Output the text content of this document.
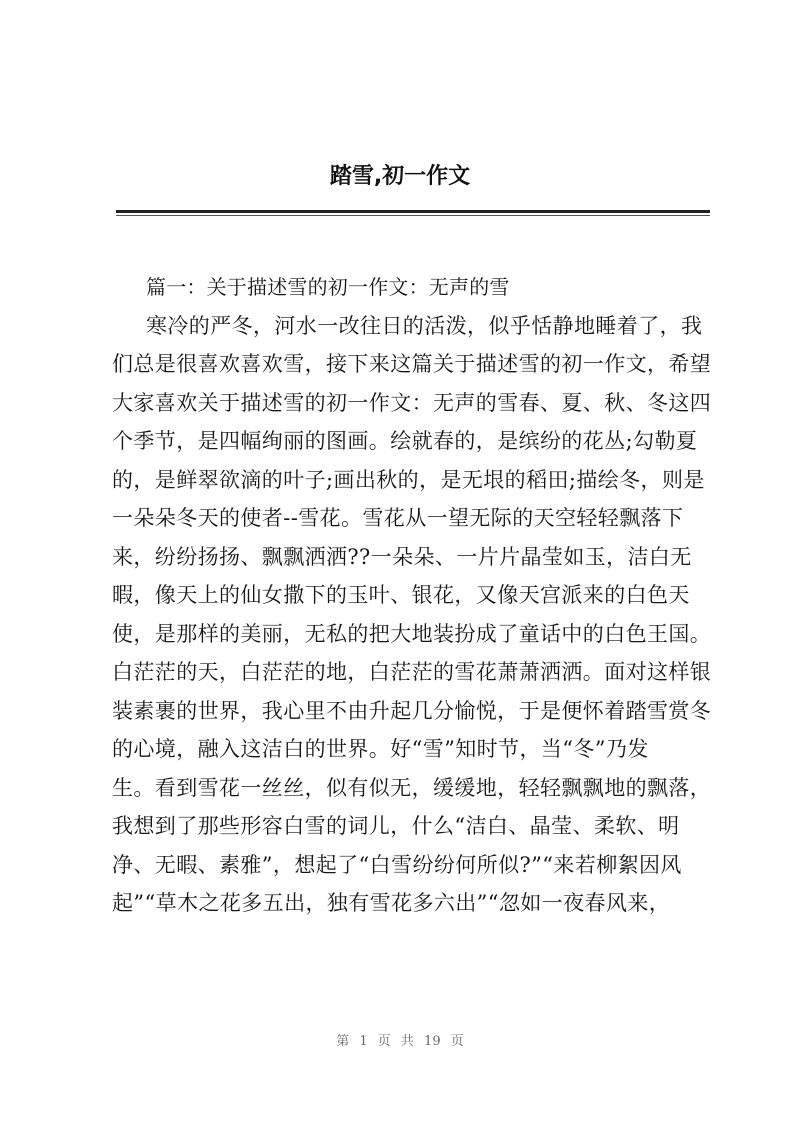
踏雪,初一作文
篇一：关于描述雪的初一作文：无声的雪
寒冷的严冬，河水一改往日的活泼，似乎恬静地睡着了，我
们总是很喜欢喜欢雪，接下来这篇关于描述雪的初一作文，希望
大家喜欢关于描述雪的初一作文：无声的雪春、夏、秋、冬这四
个季节，是四幅绚丽的图画。绘就春的，是缤纷的花丛;勾勒夏
的，是鲜翠欲滴的叶子;画出秋的，是无垠的稻田;描绘冬，则是
一朵朵冬天的使者--雪花。雪花从一望无际的天空轻轻飘落下
来，纷纷扬扬、飘飘洒洒??一朵朵、一片片晶莹如玉，洁白无
暇，像天上的仙女撒下的玉叶、银花，又像天宫派来的白色天
使，是那样的美丽，无私的把大地装扮成了童话中的白色王国。
白茫茫的天，白茫茫的地，白茫茫的雪花萧萧洒洒。面对这样银
装素裹的世界，我心里不由升起几分愉悦，于是便怀着踏雪赏冬
的心境，融入这洁白的世界。好“雪”知时节，当“冬”乃发
生。看到雪花一丝丝，似有似无，缓缓地，轻轻飘飘地的飘落，
我想到了那些形容白雪的词儿，什么“洁白、晶莹、柔软、明
净、无暇、素雅”，想起了“白雪纷纷何所似?”“来若柳絮因风
起”“草木之花多五出，独有雪花多六出”“忽如一夜春风来，
第 1 页 共 19 页
